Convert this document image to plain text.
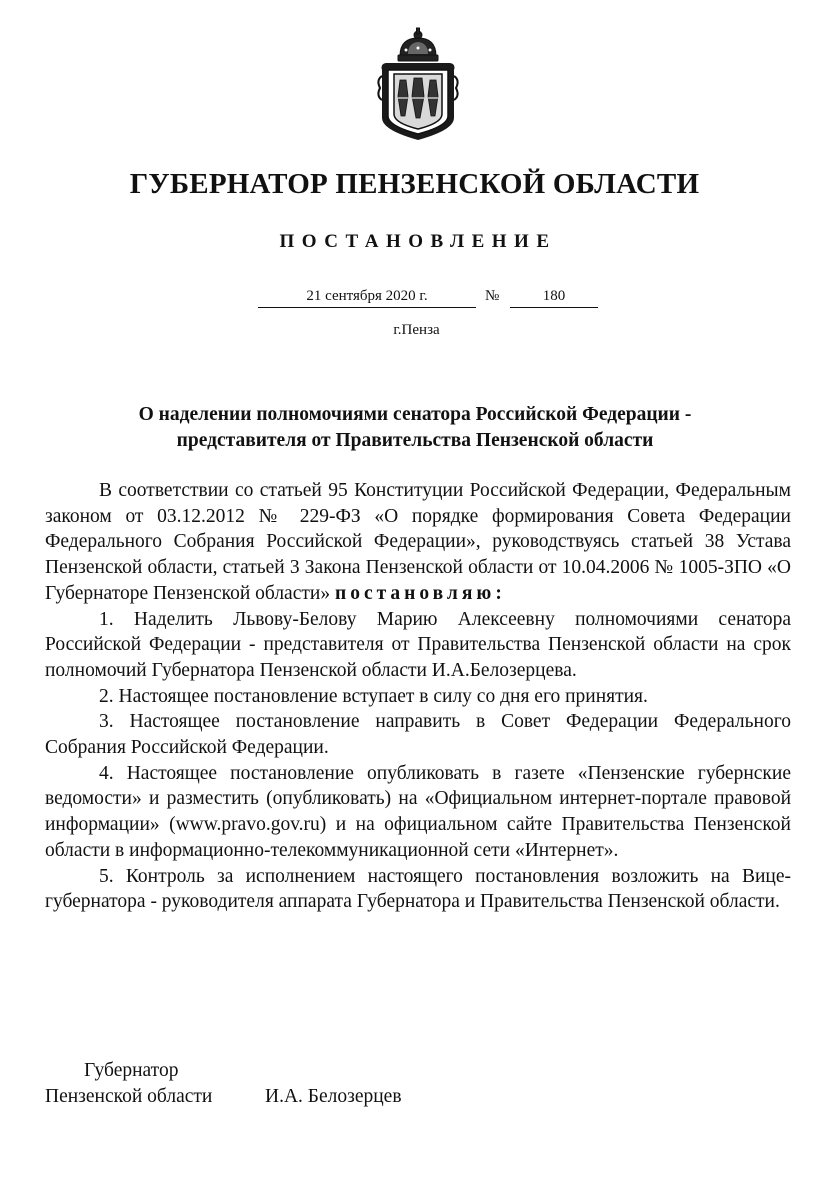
ГУБЕРНАТОР ПЕНЗЕНСКОЙ ОБЛАСТИ
ПОСТАНОВЛЕНИЕ
21 сентября 2020 г.	№	180
г.Пенза
О наделении полномочиями сенатора Российской Федерации -
представителя от Правительства Пензенской области

В соответствии со статьей 95 Конституции Российской Федерации, Федеральным законом от 03.12.2012 № 229-ФЗ «О порядке формирования Совета Федерации Федерального Собрания Российской Федерации», руководствуясь статьей 38 Устава Пензенской области, статьей 3 Закона Пензенской области от 10.04.2006 № 1005-ЗПО «О Губернаторе Пензенской области» постановляю:

1. Наделить Львову-Белову Марию Алексеевну полномочиями сенатора Российской Федерации - представителя от Правительства Пензенской области на срок полномочий Губернатора Пензенской области И.А.Белозерцева.

2. Настоящее постановление вступает в силу со дня его принятия.

3. Настоящее постановление направить в Совет Федерации Федерального Собрания Российской Федерации.

4. Настоящее постановление опубликовать в газете «Пензенские губернские ведомости» и разместить (опубликовать) на «Официальном интернет-портале правовой информации» (www.pravo.gov.ru) и на официальном сайте Правительства Пензенской области в информационно-телекоммуникационной сети «Интернет».

5. Контроль за исполнением настоящего постановления возложить на Вице-губернатора - руководителя аппарата Губернатора и Правительства Пензенской области.

Губернатор
Пензенской области	И.А. Белозерцев
